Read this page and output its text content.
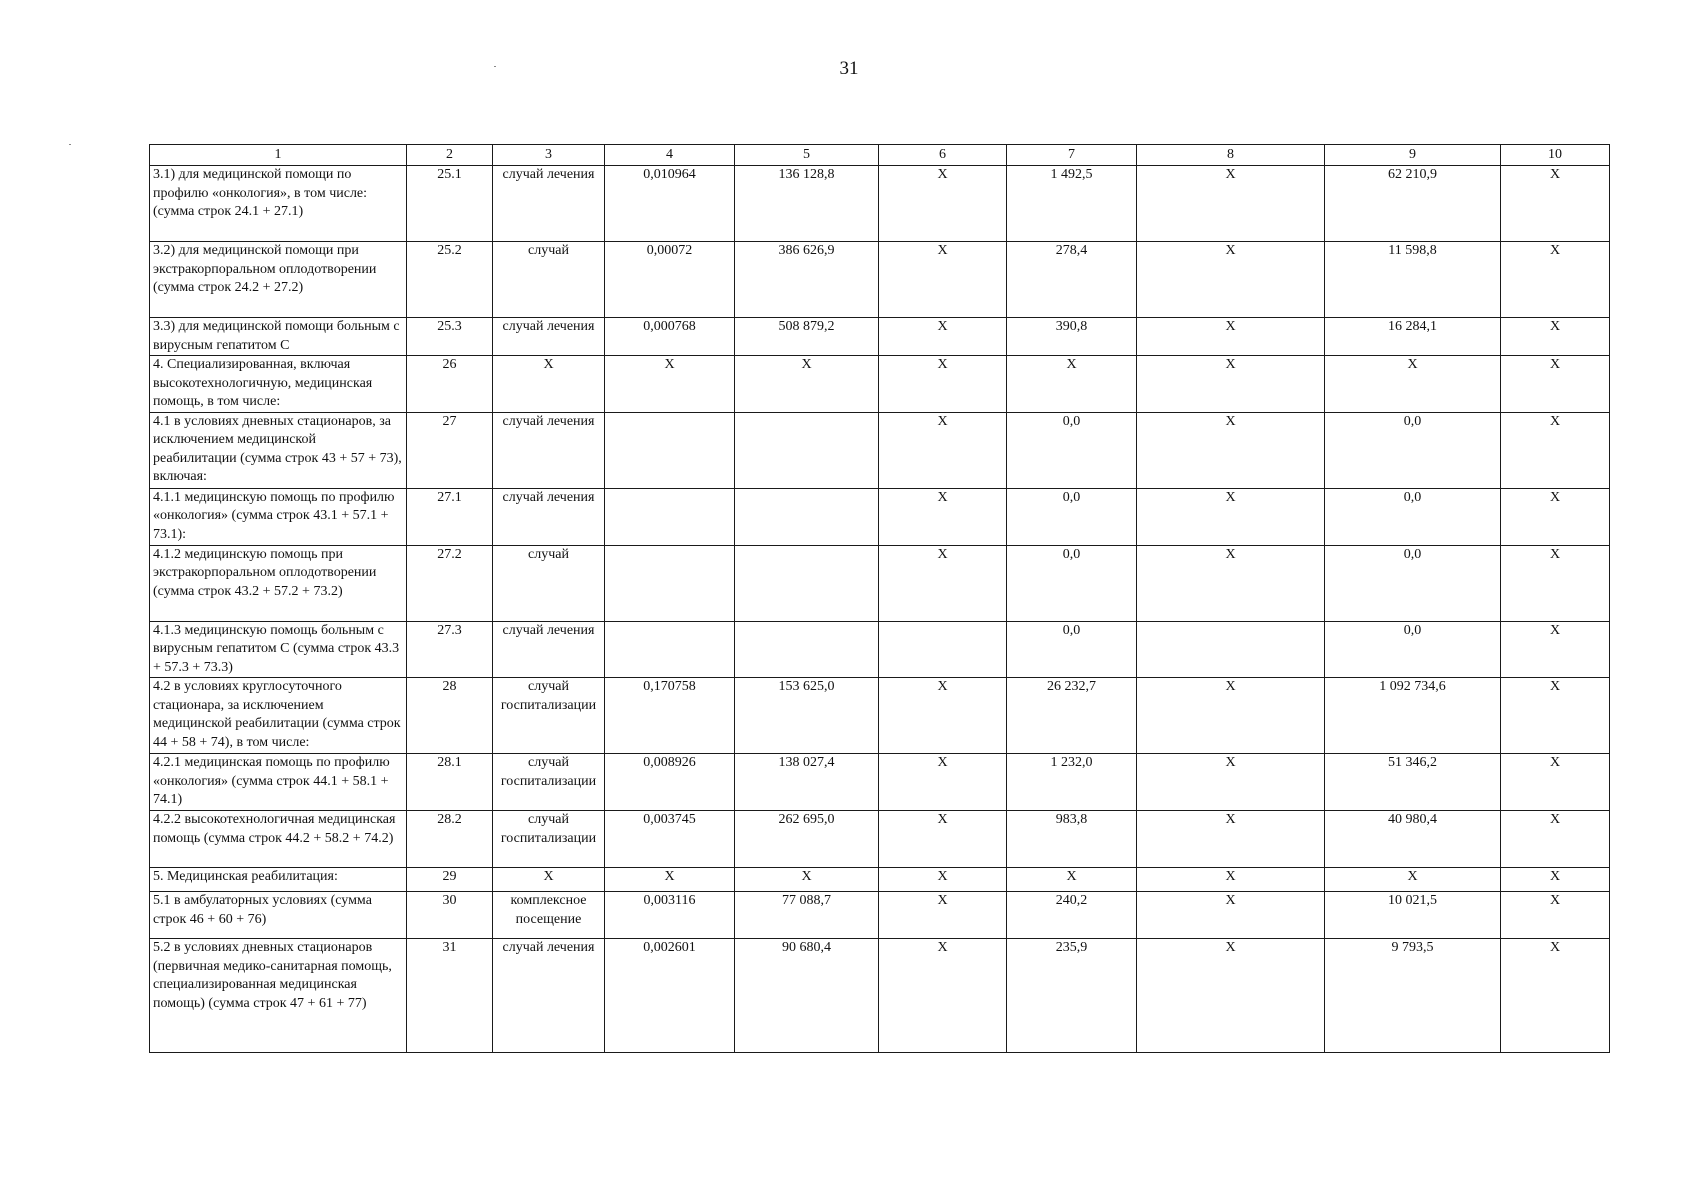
31
1	2	3	4	5	6	7	8	9	10
3.1) для медицинской помощи по профилю «онкология», в том числе: (сумма строк 24.1 + 27.1)	25.1	случай лечения	0,010964	136 128,8	X	1 492,5	X	62 210,9	X
3.2) для медицинской помощи при экстракорпоральном оплодотворении (сумма строк 24.2 + 27.2)	25.2	случай	0,00072	386 626,9	X	278,4	X	11 598,8	X
3.3) для медицинской помощи больным с вирусным гепатитом С	25.3	случай лечения	0,000768	508 879,2	X	390,8	X	16 284,1	X
4. Специализированная, включая высокотехнологичную, медицинская помощь, в том числе:	26	X	X	X	X	X	X	X	X
4.1 в условиях дневных стационаров, за исключением медицинской реабилитации (сумма строк 43 + 57 + 73), включая:	27	случай лечения			X	0,0	X	0,0	X
4.1.1 медицинскую помощь по профилю «онкология» (сумма строк 43.1 + 57.1 + 73.1):	27.1	случай лечения			X	0,0	X	0,0	X
4.1.2 медицинскую помощь при экстракорпоральном оплодотворении (сумма строк 43.2 + 57.2 + 73.2)	27.2	случай			X	0,0	X	0,0	X
4.1.3 медицинскую помощь больным с вирусным гепатитом С (сумма строк 43.3 + 57.3 + 73.3)	27.3	случай лечения				0,0		0,0	X
4.2 в условиях круглосуточного стационара, за исключением медицинской реабилитации (сумма строк 44 + 58 + 74), в том числе:	28	случай госпитализации	0,170758	153 625,0	X	26 232,7	X	1 092 734,6	X
4.2.1 медицинская помощь по профилю «онкология» (сумма строк 44.1 + 58.1 + 74.1)	28.1	случай госпитализации	0,008926	138 027,4	X	1 232,0	X	51 346,2	X
4.2.2 высокотехнологичная медицинская помощь (сумма строк 44.2 + 58.2 + 74.2)	28.2	случай госпитализации	0,003745	262 695,0	X	983,8	X	40 980,4	X
5. Медицинская реабилитация:	29	X	X	X	X	X	X	X	X
5.1 в амбулаторных условиях (сумма строк 46 + 60 + 76)	30	комплексное посещение	0,003116	77 088,7	X	240,2	X	10 021,5	X
5.2 в условиях дневных стационаров (первичная медико-санитарная помощь, специализированная медицинская помощь) (сумма строк 47 + 61 + 77)	31	случай лечения	0,002601	90 680,4	X	235,9	X	9 793,5	X
